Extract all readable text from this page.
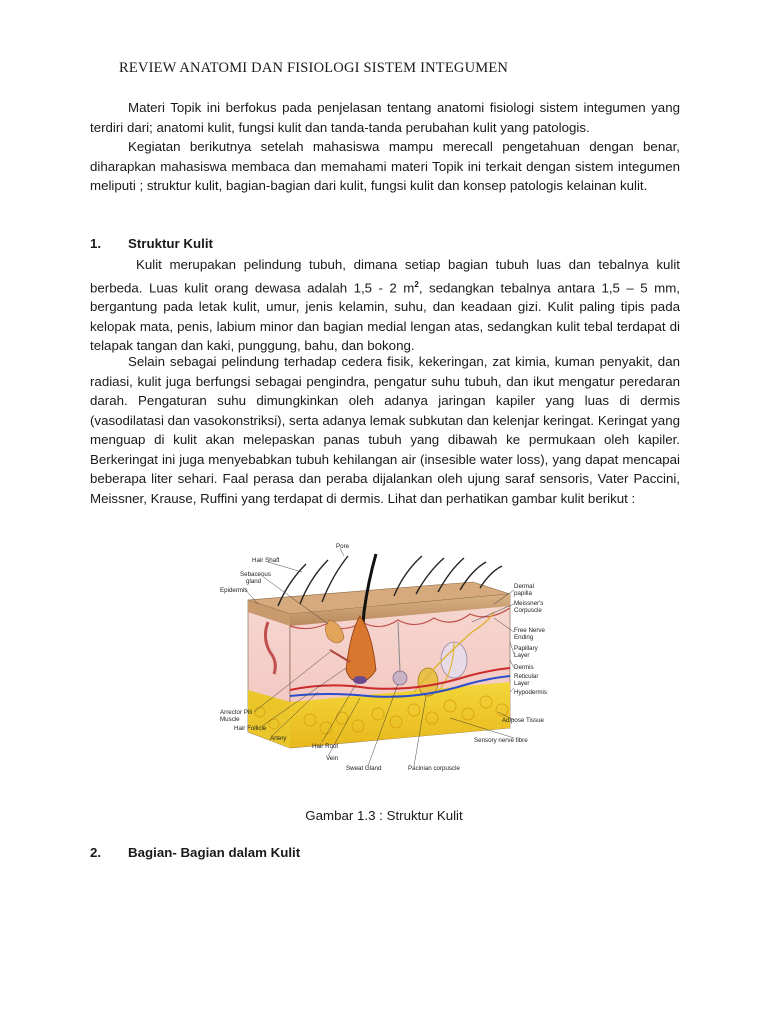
REVIEW ANATOMI DAN FISIOLOGI SISTEM INTEGUMEN
Materi Topik ini berfokus pada penjelasan tentang anatomi fisiologi sistem integumen yang terdiri dari; anatomi kulit, fungsi kulit dan tanda-tanda perubahan kulit yang patologis.
Kegiatan berikutnya setelah mahasiswa mampu merecall pengetahuan dengan benar, diharapkan mahasiswa membaca dan memahami materi Topik ini terkait dengan sistem integumen meliputi ; struktur kulit, bagian-bagian dari kulit, fungsi kulit dan konsep patologis kelainan kulit.
1. Struktur Kulit
Kulit merupakan pelindung tubuh, dimana setiap bagian tubuh luas dan tebalnya kulit berbeda. Luas kulit orang dewasa adalah 1,5 - 2 $m^2$, sedangkan tebalnya antara 1,5 – 5 mm, bergantung pada letak kulit, umur, jenis kelamin, suhu, dan keadaan gizi. Kulit paling tipis pada kelopak mata, penis, labium minor dan bagian medial lengan atas, sedangkan kulit tebal terdapat di telapak tangan dan kaki, punggung, bahu, dan bokong.
Selain sebagai pelindung terhadap cedera fisik, kekeringan, zat kimia, kuman penyakit, dan radiasi, kulit juga berfungsi sebagai pengindra, pengatur suhu tubuh, dan ikut mengatur peredaran darah. Pengaturan suhu dimungkinkan oleh adanya jaringan kapiler yang luas di dermis (vasodilatasi dan vasokonstriksi), serta adanya lemak subkutan dan kelenjar keringat. Keringat yang menguap di kulit akan melepaskan panas tubuh yang dibawah ke permukaan oleh kapiler. Berkeringat ini juga menyebabkan tubuh kehilangan air (insesible water loss), yang dapat mencapai beberapa liter sehari. Faal perasa dan peraba dijalankan oleh ujung saraf sensoris, Vater Paccini, Meissner, Krause, Ruffini yang terdapat di dermis. Lihat dan perhatikan gambar kulit berikut :
Pore
Hair Shaft
Sebaceous
gland
Epidermis
Dermal
papilla
Meissner's
Corpuscle
Free Nerve
Ending
Papillary
Layer
Dermis
Reticular
Layer
Hypodermis
Adipose Tissue
Sensory nerve fibre
Arrector Pili
Muscle
Hair Follicle
Artery
Hair Root
Vein
Sweat Gland	Pacinian corpuscle
Gambar 1.3 : Struktur Kulit
2. Bagian- Bagian dalam Kulit
